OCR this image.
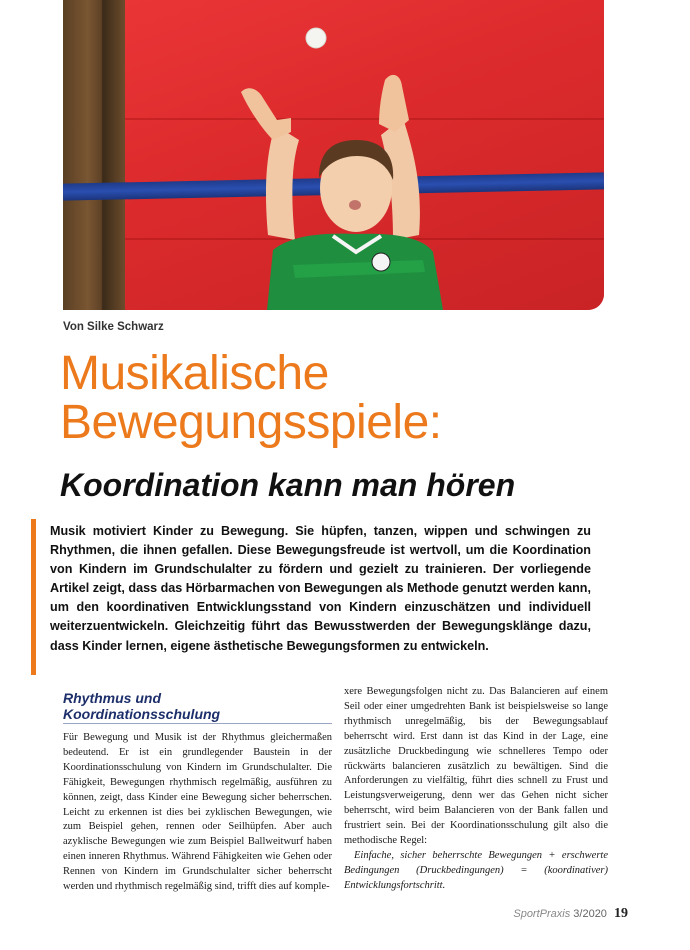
Von Silke Schwarz
Musikalische
Bewegungsspiele:
Koordination kann man hören

Musik motiviert Kinder zu Bewegung. Sie hüpfen, tanzen, wippen und schwingen zu Rhythmen, die ihnen gefallen. Diese Bewegungsfreude ist wertvoll, um die Koordination von Kindern im Grundschulalter zu fördern und gezielt zu trainieren. Der vorliegende Artikel zeigt, dass das Hörbarmachen von Bewegungen als Methode genutzt werden kann, um den koordinativen Entwicklungsstand von Kindern einzuschätzen und individuell weiterzuentwickeln. Gleichzeitig führt das Bewusstwerden der Bewegungsklänge dazu, dass Kinder lernen, eigene ästhetische Bewegungsformen zu entwickeln.

Rhythmus und
Koordinationsschulung

Für Bewegung und Musik ist der Rhythmus gleichermaßen bedeutend. Er ist ein grundlegender Baustein in der Koordinationsschulung von Kindern im Grundschulalter. Die Fähigkeit, Bewegungen rhythmisch regelmäßig, ausführen zu können, zeigt, dass Kinder eine Bewegung sicher beherrschen. Leicht zu erkennen ist dies bei zyklischen Bewegungen, wie zum Beispiel gehen, rennen oder Seilhüpfen. Aber auch azyklische Bewegungen wie zum Beispiel Ballweitwurf haben einen inneren Rhythmus. Während Fähigkeiten wie Gehen oder Rennen von Kindern im Grundschulalter sicher beherrscht werden und rhythmisch regelmäßig sind, trifft dies auf komple-

xere Bewegungsfolgen nicht zu. Das Balancieren auf einem Seil oder einer umgedrehten Bank ist beispielsweise so lange rhythmisch unregelmäßig, bis der Bewegungsablauf beherrscht wird. Erst dann ist das Kind in der Lage, eine zusätzliche Druckbedingung wie schnelleres Tempo oder rückwärts balancieren zusätzlich zu bewältigen. Sind die Anforderungen zu vielfältig, führt dies schnell zu Frust und Leistungsverweigerung, denn wer das Gehen nicht sicher beherrscht, wird beim Balancieren von der Bank fallen und frustriert sein. Bei der Koordinationsschulung gilt also die methodische Regel:

Einfache, sicher beherrschte Bewegungen + erschwerte Bedingungen (Druckbedingungen) = (koordinativer) Entwicklungsfortschritt.

SportPraxis 3/2020 19
